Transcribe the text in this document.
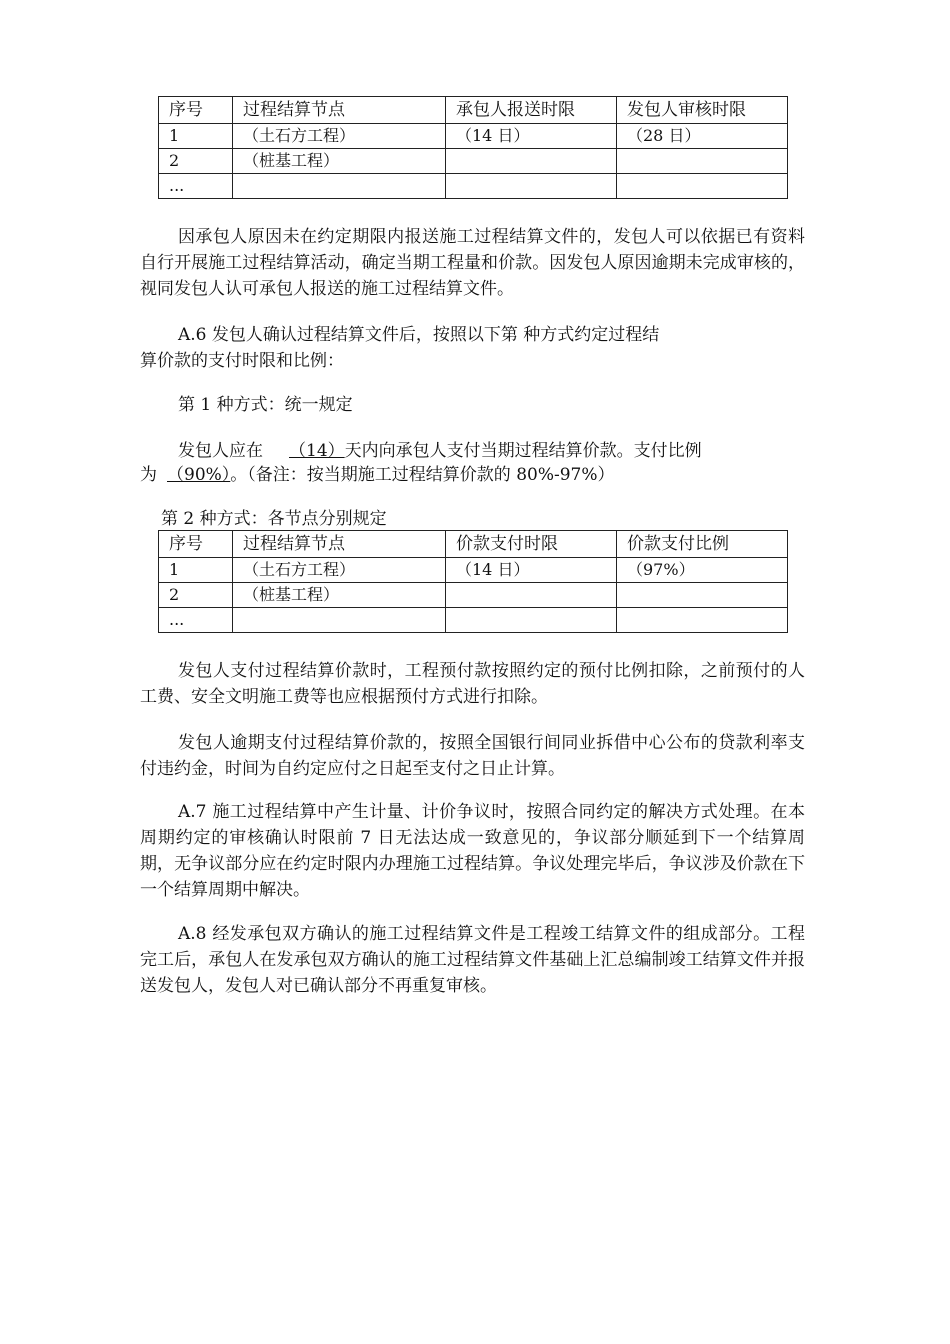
序号	过程结算节点	承包人报送时限	发包人审核时限
1	（土石方工程）	（14 日）	（28 日）
2	（桩基工程）		
...			
因承包人原因未在约定期限内报送施工过程结算文件的，发包人可以依据已有资料自行开展施工过程结算活动，确定当期工程量和价款。因发包人原因逾期未完成审核的，视同发包人认可承包人报送的施工过程结算文件。
A.6 发包人确认过程结算文件后，按照以下第 种方式约定过程结
算价款的支付时限和比例：
第 1 种方式：统一规定
发包人应在 （14）天内向承包人支付当期过程结算价款。支付比例
为 （90%）。（备注：按当期施工过程结算价款的 80%-97%）
第 2 种方式：各节点分别规定
序号	过程结算节点	价款支付时限	价款支付比例
1	（土石方工程）	（14 日）	（97%）
2	（桩基工程）		
...			
发包人支付过程结算价款时，工程预付款按照约定的预付比例扣除，之前预付的人工费、安全文明施工费等也应根据预付方式进行扣除。
发包人逾期支付过程结算价款的，按照全国银行间同业拆借中心公布的贷款利率支付违约金，时间为自约定应付之日起至支付之日止计算。
A.7 施工过程结算中产生计量、计价争议时，按照合同约定的解决方式处理。在本周期约定的审核确认时限前 7 日无法达成一致意见的，争议部分顺延到下一个结算周期，无争议部分应在约定时限内办理施工过程结算。争议处理完毕后，争议涉及价款在下一个结算周期中解决。
A.8 经发承包双方确认的施工过程结算文件是工程竣工结算文件的组成部分。工程完工后，承包人在发承包双方确认的施工过程结算文件基础上汇总编制竣工结算文件并报送发包人，发包人对已确认部分不再重复审核。
